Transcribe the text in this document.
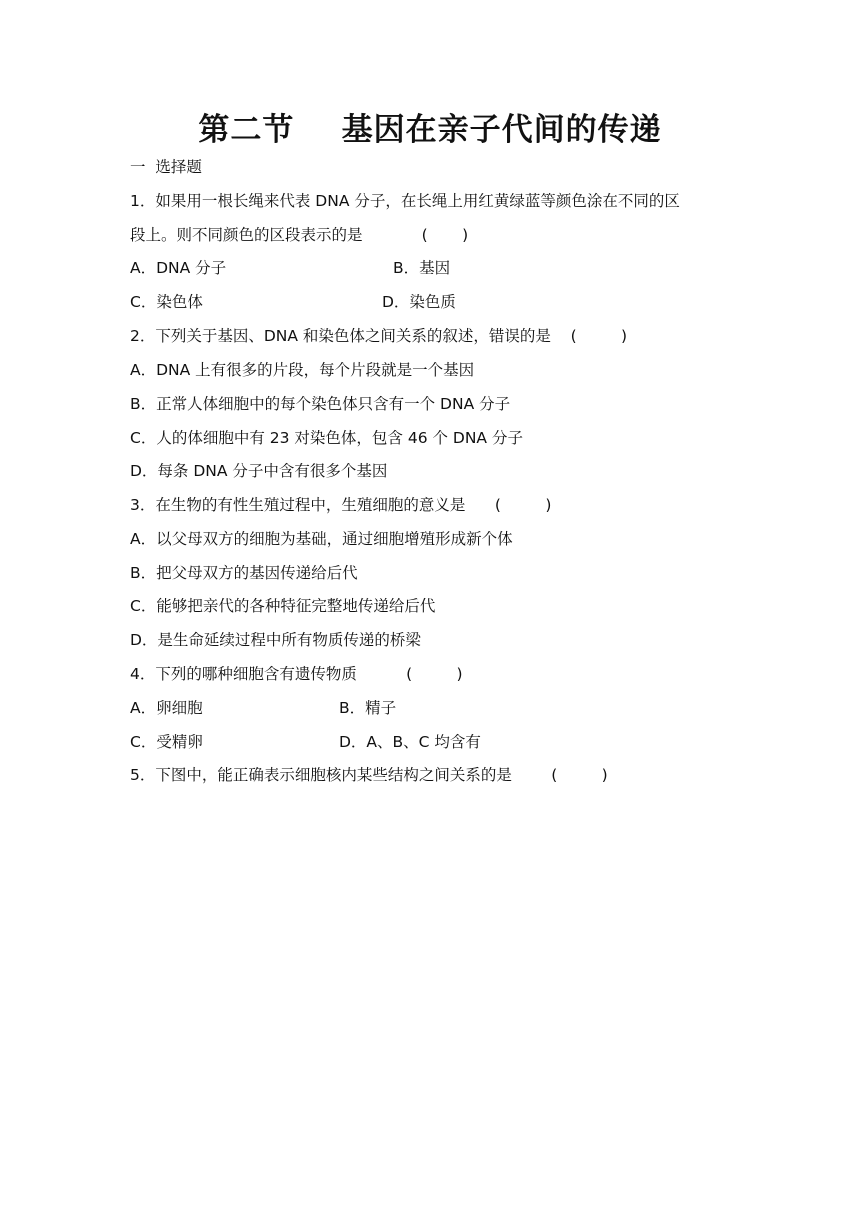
第二节    基因在亲子代间的传递
一  选择题
1．如果用一根长绳来代表 DNA 分子，在长绳上用红黄绿蓝等颜色涂在不同的区
段上。则不同颜色的区段表示的是            (       )
A．DNA 分子	B．基因
C．染色体	D．染色质
2．下列关于基因、DNA 和染色体之间关系的叙述，错误的是    (         )
A．DNA 上有很多的片段，每个片段就是一个基因
B．正常人体细胞中的每个染色体只含有一个 DNA 分子
C．人的体细胞中有 23 对染色体，包含 46 个 DNA 分子
D．每条 DNA 分子中含有很多个基因
3．在生物的有性生殖过程中，生殖细胞的意义是      (         )
A．以父母双方的细胞为基础，通过细胞增殖形成新个体
B．把父母双方的基因传递给后代
C．能够把亲代的各种特征完整地传递给后代
D．是生命延续过程中所有物质传递的桥梁
4．下列的哪种细胞含有遗传物质          (         )
A．卵细胞	B．精子
C．受精卵	D．A、B、C 均含有
5．下图中，能正确表示细胞核内某些结构之间关系的是        (         )
